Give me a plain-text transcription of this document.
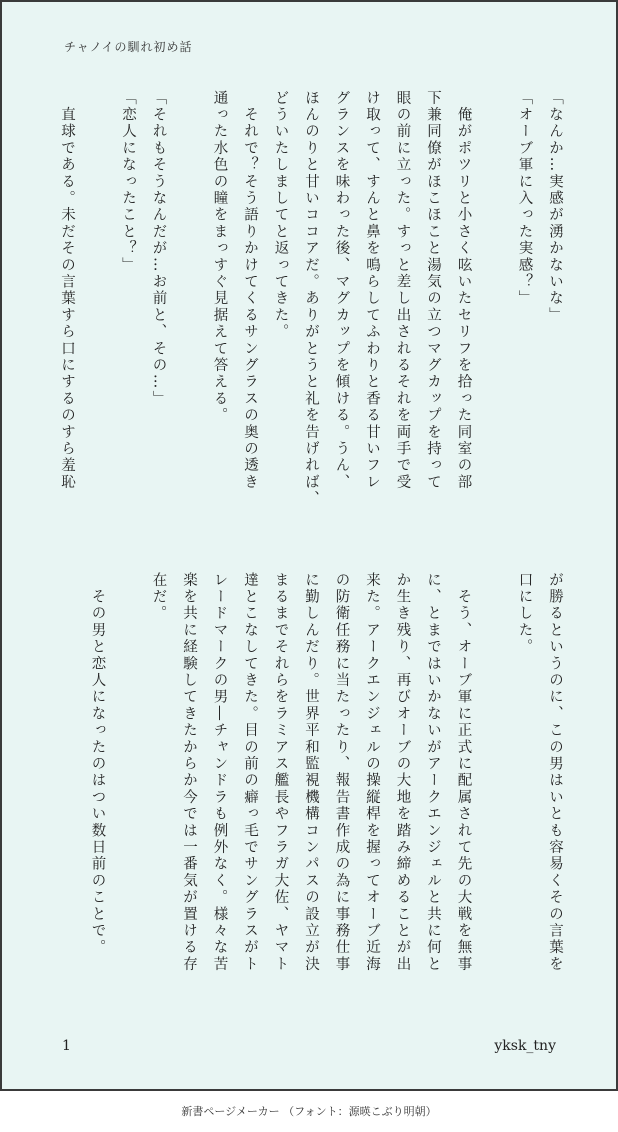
チャノイの馴れ初め話
「なんか…実感が湧かないな」
「オーブ軍に入った実感？」

　俺がポツリと小さく呟いたセリフを拾った同室の部
下兼同僚がほこほこと湯気の立つマグカップを持って
眼の前に立った。すっと差し出されるそれを両手で受
け取って、すんと鼻を鳴らしてふわりと香る甘いフレ
グランスを味わった後、マグカップを傾ける。うん、
ほんのりと甘いココアだ。ありがとうと礼を告げれば、
どういたしましてと返ってきた。
　それで？そう語りかけてくるサングラスの奥の透き
通った水色の瞳をまっすぐ見据えて答える。

「それもそうなんだが…お前と、その…」
「恋人になったこと？」

　直球である。未だその言葉すら口にするのすら羞恥
が勝るというのに、この男はいとも容易くその言葉を
口にした。

　そう、オーブ軍に正式に配属されて先の大戦を無事
に、とまではいかないがアークエンジェルと共に何と
か生き残り、再びオーブの大地を踏み締めることが出
来た。アークエンジェルの操縦桿を握ってオーブ近海
の防衛任務に当たったり、報告書作成の為に事務仕事
に勤しんだり。世界平和監視機構コンパスの設立が決
まるまでそれらをラミアス艦長やフラガ大佐、ヤマト
達とこなしてきた。目の前の癖っ毛でサングラスがト
レードマークの男―チャンドラも例外なく。様々な苦
楽を共に経験してきたからか今では一番気が置ける存
在だ。

　その男と恋人になったのはつい数日前のことで。
1	yksk_tny
新書ページメーカー （フォント：源暎こぶり明朝）
